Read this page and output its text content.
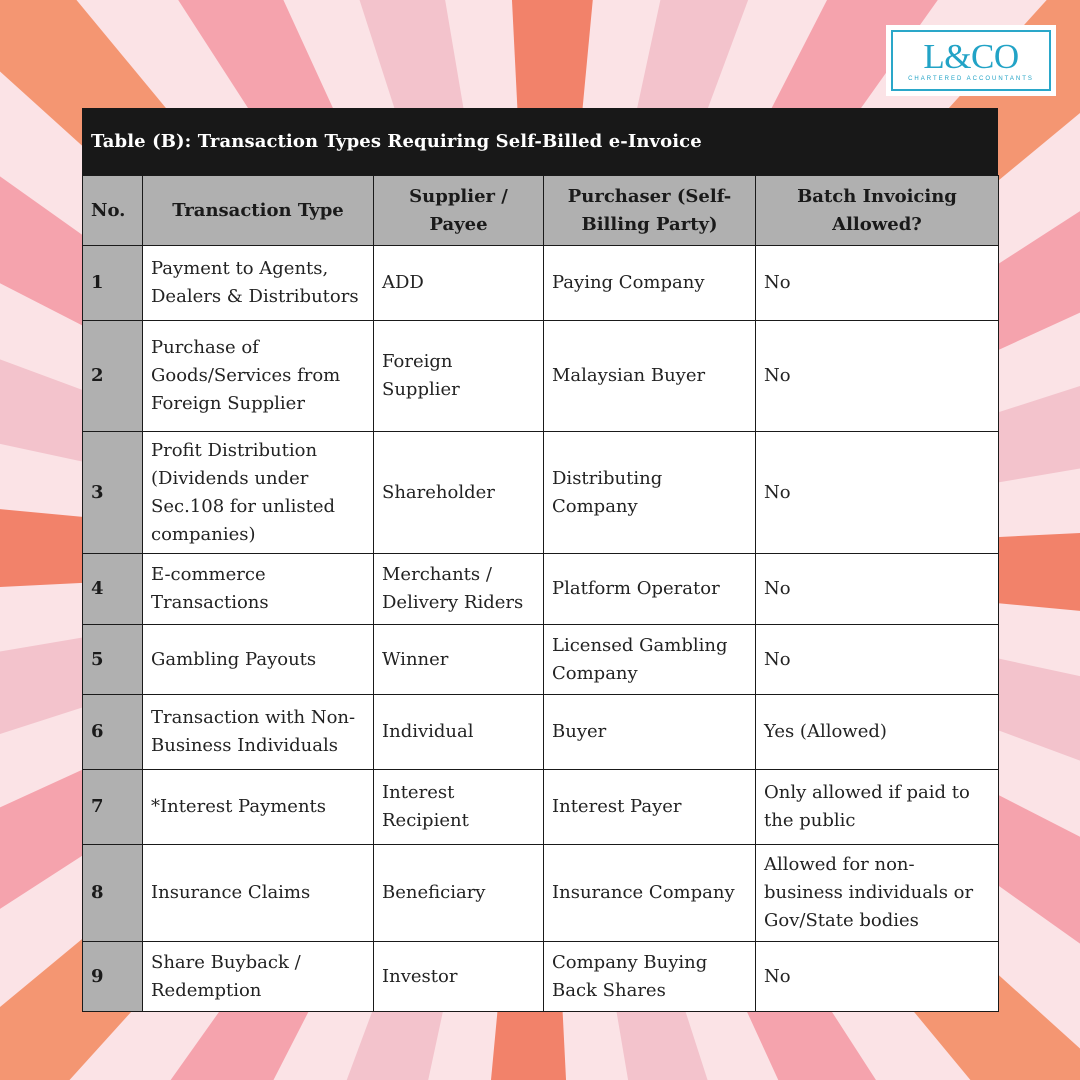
L&CO
CHARTERED ACCOUNTANTS
Table (B): Transaction Types Requiring Self-Billed e-Invoice
No.	Transaction Type	Supplier / Payee	Purchaser (Self-Billing Party)	Batch Invoicing Allowed?
1	Payment to Agents, Dealers & Distributors	ADD	Paying Company	No
2	Purchase of Goods/Services from Foreign Supplier	Foreign Supplier	Malaysian Buyer	No
3	Profit Distribution (Dividends under Sec.108 for unlisted companies)	Shareholder	Distributing Company	No
4	E-commerce Transactions	Merchants / Delivery Riders	Platform Operator	No
5	Gambling Payouts	Winner	Licensed Gambling Company	No
6	Transaction with Non-Business Individuals	Individual	Buyer	Yes (Allowed)
7	*Interest Payments	Interest Recipient	Interest Payer	Only allowed if paid to the public
8	Insurance Claims	Beneficiary	Insurance Company	Allowed for non-business individuals or Gov/State bodies
9	Share Buyback / Redemption	Investor	Company Buying Back Shares	No
